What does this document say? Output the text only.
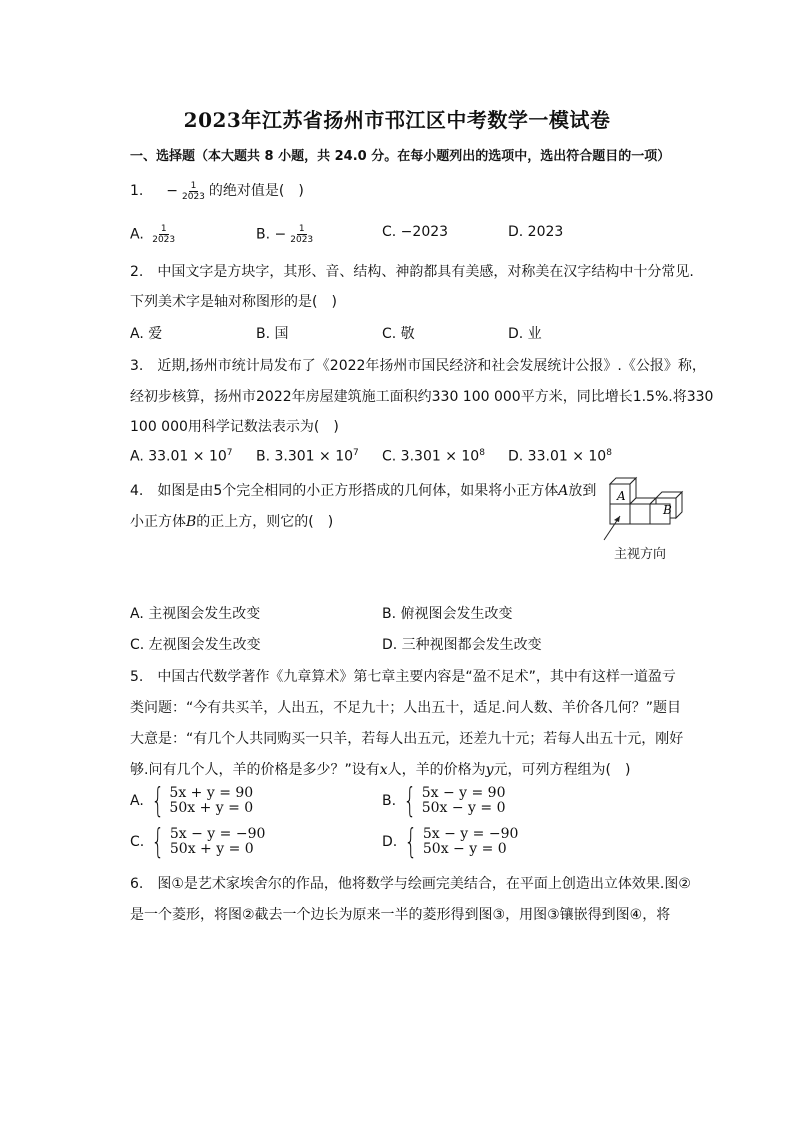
2023年江苏省扬州市邗江区中考数学一模试卷
一、选择题（本大题共 8 小题，共 24.0 分。在每小题列出的选项中，选出符合题目的一项）
1. − $\frac{1}{2023}$ 的绝对值是(　)
A. $\frac{1}{2023}$	B. − $\frac{1}{2023}$	C. −2023	D. 2023
2.　中国文字是方块字，其形、音、结构、神韵都具有美感，对称美在汉字结构中十分常见.
下列美术字是轴对称图形的是(　)
A. 爱	B. 国	C. 敬	D. 业
3.　近期,扬州市统计局发布了《2022年扬州市国民经济和社会发展统计公报》.《公报》称，
经初步核算，扬州市2022年房屋建筑施工面积约330 100 000平方米，同比增长1.5%.将330
100 000用科学记数法表示为(　)
A. $33.01 \times 10^7$ B. $3.301 \times 10^7$ C. $3.301 \times 10^8$ D. $33.01 \times 10^8$
4.　如图是由5个完全相同的小正方形搭成的几何体，如果将小正方体A放到
小正方体B的正上方，则它的(　)
A
B
主视方向
A. 主视图会发生改变	B. 俯视图会发生改变
C. 左视图会发生改变	D. 三种视图都会发生改变
5.　中国古代数学著作《九章算术》第七章主要内容是“盈不足术”，其中有这样一道盈亏
类问题：“今有共买羊，人出五，不足九十；人出五十，适足.问人数、羊价各几何？”题目
大意是：“有几个人共同购买一只羊，若每人出五元，还差九十元；若每人出五十元，刚好
够.问有几个人，羊的价格是多少？”设有x人，羊的价格为y元，可列方程组为(　)
A. { 5x + y = 90
50x + y = 0	B. { 5x − y = 90
50x − y = 0
C. { 5x − y = −90
50x + y = 0	D. { 5x − y = −90
50x − y = 0
6.　图①是艺术家埃舍尔的作品，他将数学与绘画完美结合，在平面上创造出立体效果.图②
是一个菱形，将图②截去一个边长为原来一半的菱形得到图③，用图③镶嵌得到图④，将
